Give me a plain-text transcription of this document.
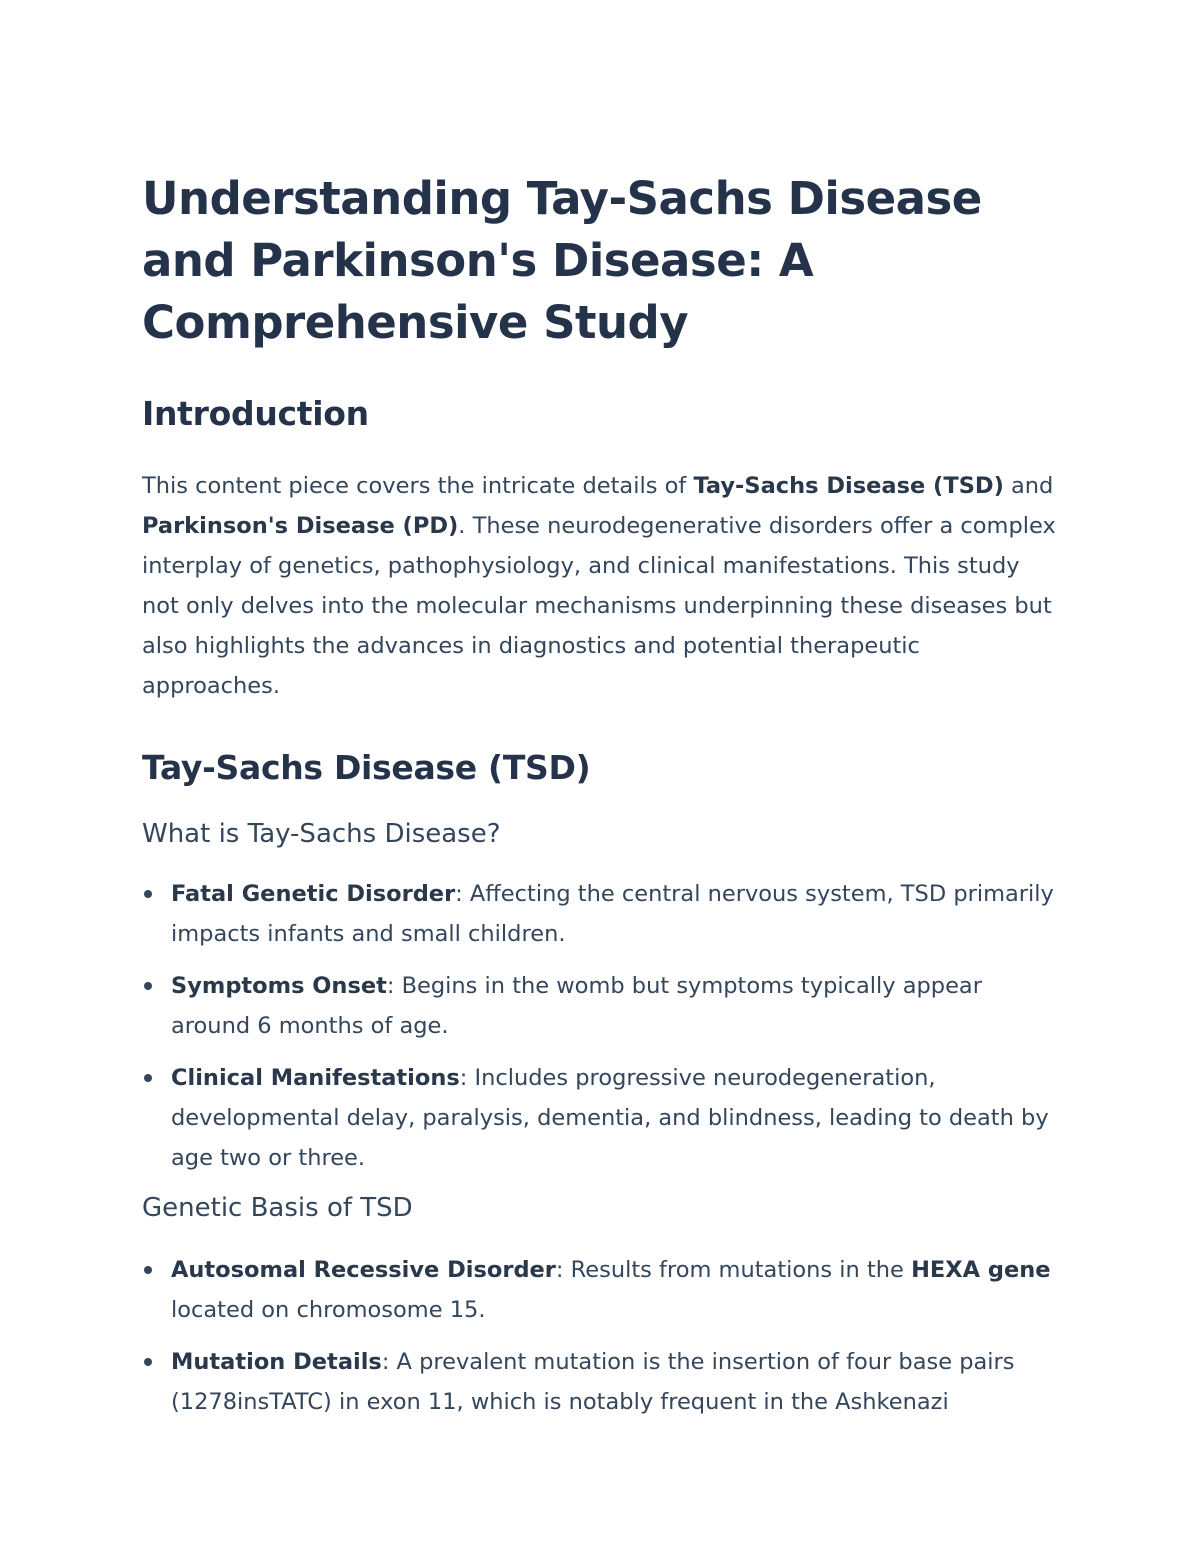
Understanding Tay-Sachs Disease and Parkinson's Disease: A Comprehensive Study
Introduction

This content piece covers the intricate details of Tay-Sachs Disease (TSD) and Parkinson's Disease (PD). These neurodegenerative disorders offer a complex interplay of genetics, pathophysiology, and clinical manifestations. This study not only delves into the molecular mechanisms underpinning these diseases but also highlights the advances in diagnostics and potential therapeutic approaches.

Tay-Sachs Disease (TSD)
What is Tay-Sachs Disease?
Fatal Genetic Disorder: Affecting the central nervous system, TSD primarily impacts infants and small children.
Symptoms Onset: Begins in the womb but symptoms typically appear around 6 months of age.
Clinical Manifestations: Includes progressive neurodegeneration, developmental delay, paralysis, dementia, and blindness, leading to death by age two or three.
Genetic Basis of TSD
Autosomal Recessive Disorder: Results from mutations in the HEXA gene located on chromosome 15.
Mutation Details: A prevalent mutation is the insertion of four base pairs (1278insTATC) in exon 11, which is notably frequent in the Ashkenazi
